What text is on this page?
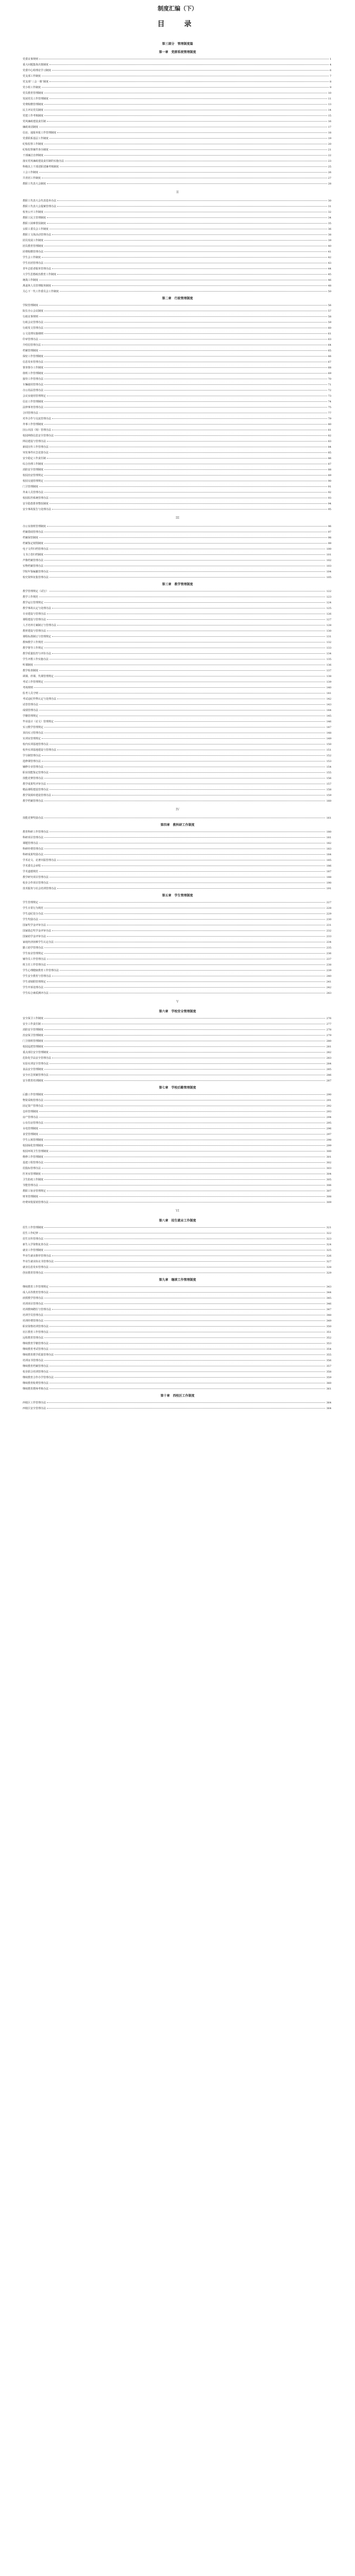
制度汇编（下）
目　录
第三部分　管理制度篇
第一章　党群系统管理制度
党委议事规则	1
重大问题集体决策制度	4
党委中心组理论学习制度	6
党支部工作制度	7
党支部“三会一课”制度	8
党小组工作制度	9
党员教育管理制度	10
发展党员工作管理制度	11
党费收缴管理制度	13
民主评议党员制度	14
党建工作考核制度	15
党风廉政建设责任制	16
廉政谈话制度	17
信访、通报举报工作管理制度	18
党委联系基层工作制度	19
纪检监察工作制度	20
纪检监察案件查办制度	21
干部廉洁自律制度	22
落实党风廉政建设责任制的实施办法	23
科级以上干部述职述廉考核制度	25
工会工作制度	26
共青团工作制度	27
教职工代表大会制度	28
II
教职工代表大会代表选举办法	30
教职工代表大会提案管理办法	31
校务公开工作制度	32
教职工民主管理制度	34
教职工困难帮扶制度	35
女职工委员会工作制度	36
教职工文体活动管理办法	38
团员发展工作制度	39
团员教育管理制度	40
团费收缴管理办法	41
学生会工作制度	42
学生社团管理办法	43
青年志愿者服务管理办法	44
大学生思想政治教育工作制度	45
统战工作制度	46
离退休人员管理服务制度	48
关心下一代工作委员会工作制度	50
第二章　行政管理制度
学院管理制度	56
院长办公会议制度	57
行政议事规则	58
行政会议管理办法	59
行政发文管理办法	60
公文处理实施细则	61
印章管理办法	63
介绍信管理办法	64
档案管理制度	65
保密工作管理制度	66
信息发布管理办法	67
督查督办工作制度	68
值班工作管理制度	69
接待工作管理办法	70
车辆使用管理办法	71
办公用品管理办法	72
会议室使用管理规定	73
信访工作管理制度	74
法律事务管理办法	75
合同管理办法	77
对外合作与交流管理办法	79
外事工作管理制度	80
因公出国（境）管理办法	81
校园网络信息安全管理办法	82
网站建设与管理办法	83
新闻宣传工作管理办法	84
突发事件应急处置办法	85
安全稳定工作责任制	86
综合治理工作制度	87
消防安全管理制度	88
校园治安管理规定	89
校园交通管理规定	90
门卫管理制度	91
外来人员管理办法	92
校园监控系统管理办法	93
安全隐患排查整改制度	94
安全事故报告与处理办法	95
III
办公室值班管理制度	96
档案借阅管理办法	97
档案保管制度	98
档案鉴定销毁制度	99
电子文件归档管理办法	100
文书立卷归档制度	101
声像档案管理办法	102
实物档案管理办法	103
学院年鉴编纂管理办法	104
校史资料征集管理办法	105
第三章　教学管理制度
教学管理规定（试行）	122
教学工作规范	123
教学运行管理规定	124
教学事故认定与处理办法	125
专业建设与管理办法	126
课程建设与管理办法	127
人才培养方案制订与管理办法	128
教材建设与管理办法	130
课程标准制订与管理规定	131
教师教学工作规范	132
教学督导工作规定	133
教学质量监控与评价办法	134
学生评教工作实施办法	135
听课制度	136
教学检查制度	137
调课、停课、代课管理规定	138
考试工作管理规定	139
考场规则	140
监考人员守则	141
考试违纪作弊认定与处理办法	142
试卷管理办法	143
成绩管理办法	144
学籍管理规定	145
毕业设计（论文）管理规定	146
实习教学管理规定	147
顶岗实习管理办法	148
实训室管理规定	149
校内实训基地管理办法	150
校外实训基地建设与管理办法	151
学分制管理办法	152
选修课管理办法	153
辅修专业管理办法	154
职业技能鉴定管理办法	155
技能竞赛管理办法	156
教学成果奖评审办法	157
精品课程建设管理办法	158
教学资源库建设管理办法	159
教学档案管理办法	160
IV
技能竞赛奖励办法	161
第四章　教科研工作制度
教育科研工作管理办法	180
科研项目管理办法	181
课题管理办法	182
科研经费管理办法	183
科研成果奖励办法	184
学术论文、论著出版管理办法	185
学术委员会章程	186
学术道德规范	187
教学研究项目管理办法	188
校企合作项目管理办法	190
技术服务与社会培训管理办法	191
第五章　学生管理制度
学生管理规定	227
学生日常行为规范	228
学生违纪处分办法	229
学生奖励办法	230
国家奖学金评审办法	231
国家励志奖学金评审办法	232
国家助学金评审办法	233
家庭经济困难学生认定办法	234
勤工助学管理办法	235
学生宿舍管理规定	236
辅导员工作管理办法	237
班主任工作管理办法	238
学生心理健康教育工作管理办法	239
学生安全教育与管理办法	240
学生请销假管理规定	241
学生申诉处理办法	242
学生综合素质测评办法	243
V
第六章　学校安全管理制度
安全保卫工作制度	276
安全工作责任制	277
消防安全管理制度	278
治安保卫管理制度	279
门卫值班管理制度	280
校园巡逻管理制度	281
重点部位安全管理制度	282
危险化学品安全管理办法	283
实验实训安全管理办法	284
食品安全管理制度	285
安全应急预案管理办法	286
安全教育培训制度	287
第七章　学校后勤管理制度
后勤工作管理制度	290
物资采购管理办法	291
固定资产管理办法	292
仓库管理制度	293
房产管理办法	294
公有住房管理办法	295
水电管理制度	296
食堂管理制度	297
学生公寓管理制度	298
校园绿化管理制度	299
校园环境卫生管理制度	300
维修工作管理制度	301
基建工程管理办法	302
招投标管理办法	303
医务室管理制度	304
卫生防疫工作制度	305
节能管理办法	306
教职工宿舍管理规定	307
财务管理制度	308
经费审批报销管理办法	309
VI
第八章　招生就业工作制度
招生工作管理制度	321
招生工作纪律	322
招生宣传管理办法	323
新生入学资格复查办法	324
就业工作管理制度	325
毕业生就业推荐管理办法	326
毕业生就业协议书管理办法	327
就业信息发布管理办法	328
创业教育管理办法	329
第九章　继续工作管理制度
继续教育工作管理规定	343
成人高等教育管理办法	344
函授教学管理办法	345
培训项目管理办法	346
培训教师聘任与管理办法	347
培训学员管理办法	348
培训经费管理办法	349
职业资格培训管理办法	350
社区教育工作管理办法	351
远程教育管理办法	352
继续教育学籍管理办法	353
继续教育考试管理办法	354
继续教育教学质量管理办法	355
培训证书管理办法	356
继续教育档案管理办法	357
校企联合培训管理办法	358
继续教育合作办学管理办法	359
继续教育收费管理办法	360
继续教育教师考核办法	361
第十章　西校区工作制度
西校区工作管理办法	364
西校区安全管理办法	364
